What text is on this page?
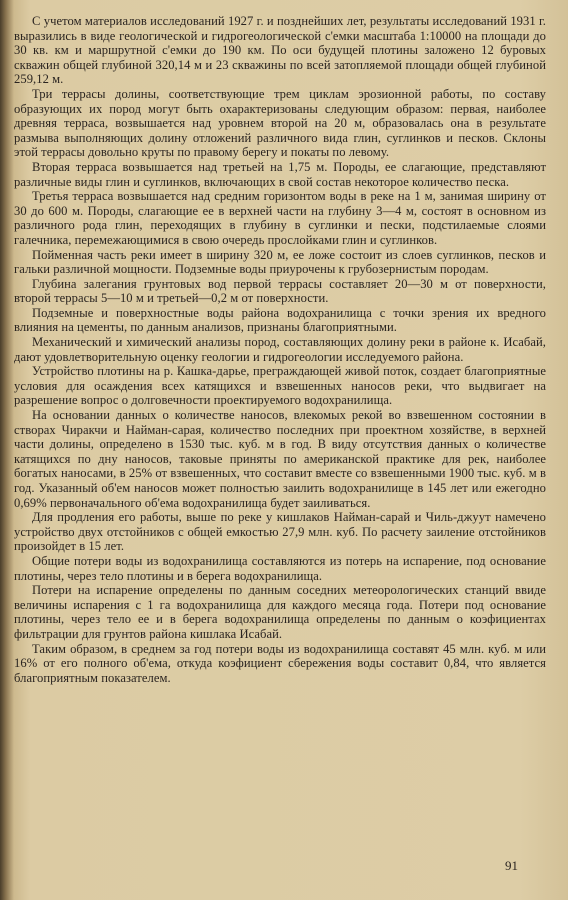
С учетом материалов исследований 1927 г. и позднейших лет, результаты исследований 1931 г. выразились в виде геологической и гидрогеологической с'емки масштаба 1:10000 на площади до 30 кв. км и маршрутной с'емки до 190 км. По оси будущей плотины заложено 12 буровых скважин общей глубиной 320,14 м и 23 скважины по всей затопляемой площади общей глубиной 259,12 м.

Три террасы долины, соответствующие трем циклам эрозионной работы, по составу образующих их пород могут быть охарактеризованы следующим образом: первая, наиболее древняя терраса, возвышается над уровнем второй на 20 м, образовалась она в результате размыва выполняющих долину отложений различного вида глин, суглинков и песков. Склоны этой террасы довольно круты по правому берегу и покаты по левому.

Вторая терраса возвышается над третьей на 1,75 м. Породы, ее слагающие, представляют различные виды глин и суглинков, включающих в свой состав некоторое количество песка.

Третья терраса возвышается над средним горизонтом воды в реке на 1 м, занимая ширину от 30 до 600 м. Породы, слагающие ее в верхней части на глубину 3—4 м, состоят в основном из различного рода глин, переходящих в глубину в суглинки и пески, подстилаемые слоями галечника, перемежающимися в свою очередь прослойками глин и суглинков.

Пойменная часть реки имеет в ширину 320 м, ее ложе состоит из слоев суглинков, песков и гальки различной мощности. Подземные воды приурочены к грубозернистым породам.

Глубина залегания грунтовых вод первой террасы составляет 20—30 м от поверхности, второй террасы 5—10 м и третьей—0,2 м от поверхности.

Подземные и поверхностные воды района водохранилища с точки зрения их вредного влияния на цементы, по данным анализов, признаны благоприятными.

Механический и химический анализы пород, составляющих долину реки в районе к. Исабай, дают удовлетворительную оценку геологии и гидрогеологии исследуемого района.

Устройство плотины на р. Кашка-дарье, преграждающей живой поток, создает благоприятные условия для осаждения всех катящихся и взвешенных наносов реки, что выдвигает на разрешение вопрос о долговечности проектируемого водохранилища.

На основании данных о количестве наносов, влекомых рекой во взвешенном состоянии в створах Чиракчи и Найман-сарая, количество последних при проектном хозяйстве, в верхней части долины, определено в 1530 тыс. куб. м в год. В виду отсутствия данных о количестве катящихся по дну наносов, таковые приняты по американской практике для рек, наиболее богатых наносами, в 25% от взвешенных, что составит вместе со взвешенными 1900 тыс. куб. м в год. Указанный об'ем наносов может полностью заилить водохранилище в 145 лет или ежегодно 0,69% первоначального об'ема водохранилища будет заиливаться.

Для продления его работы, выше по реке у кишлаков Найман-сарай и Чиль-джуут намечено устройство двух отстойников с общей емкостью 27,9 млн. куб. По расчету заиление отстойников произойдет в 15 лет.

Общие потери воды из водохранилища составляются из потерь на испарение, под основание плотины, через тело плотины и в берега водохранилища.

Потери на испарение определены по данным соседних метеорологических станций ввиде величины испарения с 1 га водохранилища для каждого месяца года. Потери под основание плотины, через тело ее и в берега водохранилища определены по данным о коэфициентах фильтрации для грунтов района кишлака Исабай.

Таким образом, в среднем за год потери воды из водохранилища составят 45 млн. куб. м или 16% от его полного об'ема, откуда коэфициент сбережения воды составит 0,84, что является благоприятным показателем.

91
